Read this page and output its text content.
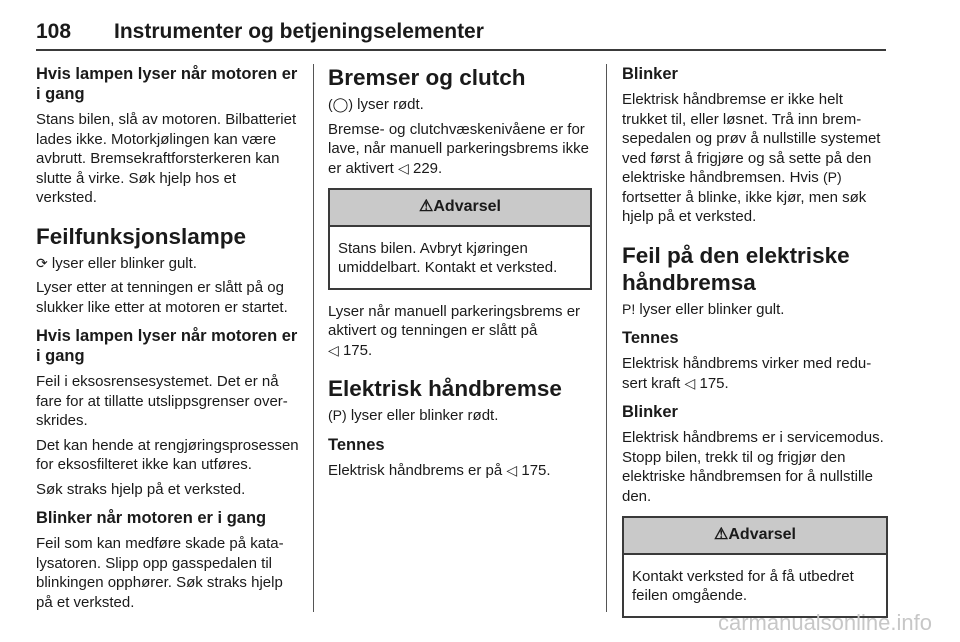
108 Instrumenter og betjeningselementer
Hvis lampen lyser når motoren er i gang

Stans bilen, slå av motoren. Bilbatteriet lades ikke. Motorkjølingen kan være avbrutt. Bremsekraftforsterkeren kan slutte å virke. Søk hjelp hos et verksted.

Feilfunksjonslampe

⟳ lyser eller blinker gult.

Lyser etter at tenningen er slått på og slukker like etter at motoren er startet.

Hvis lampen lyser når motoren er i gang

Feil i eksosrensesystemet. Det er nå fare for at tillatte utslippsgrenser overskrides.

Det kan hende at rengjøringsprosessen for eksosfilteret ikke kan utføres.

Søk straks hjelp på et verksted.

Blinker når motoren er i gang

Feil som kan medføre skade på katalysatoren. Slipp opp gasspedalen til blinkingen opphører. Søk straks hjelp på et verksted.

Bremser og clutch

(◯) lyser rødt.

Bremse- og clutchvæskenivåene er for lave, når manuell parkeringsbrems ikke er aktivert ◁ 229.

⚠Advarsel
Stans bilen. Avbryt kjøringen umiddelbart. Kontakt et verksted.

Lyser når manuell parkeringsbrems er aktivert og tenningen er slått på
◁ 175.

Elektrisk håndbremse

(P) lyser eller blinker rødt.

Tennes

Elektrisk håndbrems er på ◁ 175.

Blinker

Elektrisk håndbremse er ikke helt trukket til, eller løsnet. Trå inn bremsepedalen og prøv å nullstille systemet ved først å frigjøre og så sette på den elektriske håndbremsen. Hvis (P) fortsetter å blinke, ikke kjør, men søk hjelp på et verksted.

Feil på den elektriske håndbremsa

P! lyser eller blinker gult.

Tennes

Elektrisk håndbrems virker med redusert kraft ◁ 175.

Blinker

Elektrisk håndbrems er i servicemodus. Stopp bilen, trekk til og frigjør den elektriske håndbremsen for å nullstille den.

⚠Advarsel
Kontakt verksted for å få utbedret feilen omgående.
carmanualsonline.info
